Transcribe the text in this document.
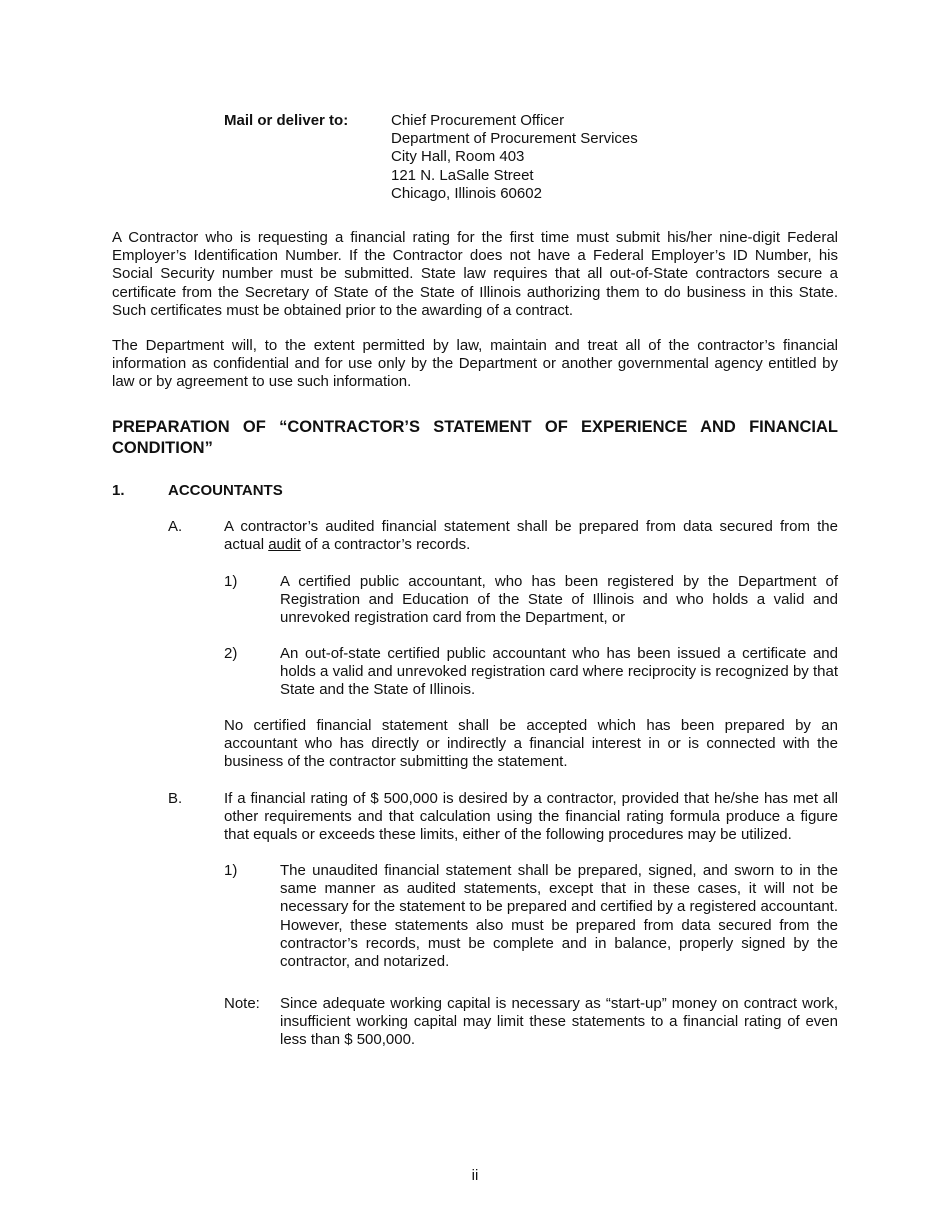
Mail or deliver to:	Chief Procurement Officer
Department of Procurement Services
City Hall, Room 403
121 N. LaSalle Street
Chicago, Illinois 60602

A Contractor who is requesting a financial rating for the first time must submit his/her nine-digit Federal Employer’s Identification Number. If the Contractor does not have a Federal Employer’s ID Number, his Social Security number must be submitted. State law requires that all out-of-State contractors secure a certificate from the Secretary of State of the State of Illinois authorizing them to do business in this State. Such certificates must be obtained prior to the awarding of a contract.

The Department will, to the extent permitted by law, maintain and treat all of the contractor’s financial information as confidential and for use only by the Department or another governmental agency entitled by law or by agreement to use such information.

PREPARATION OF “CONTRACTOR’S STATEMENT OF EXPERIENCE AND FINANCIAL CONDITION”
1.	ACCOUNTANTS
A.	A contractor’s audited financial statement shall be prepared from data secured from the actual audit of a contractor’s records.
1)	A certified public accountant, who has been registered by the Department of Registration and Education of the State of Illinois and who holds a valid and unrevoked registration card from the Department, or
2)	An out-of-state certified public accountant who has been issued a certificate and holds a valid and unrevoked registration card where reciprocity is recognized by that State and the State of Illinois.
No certified financial statement shall be accepted which has been prepared by an accountant who has directly or indirectly a financial interest in or is connected with the business of the contractor submitting the statement.
B.	If a financial rating of $ 500,000 is desired by a contractor, provided that he/she has met all other requirements and that calculation using the financial rating formula produce a figure that equals or exceeds these limits, either of the following procedures may be utilized.
1)	The unaudited financial statement shall be prepared, signed, and sworn to in the same manner as audited statements, except that in these cases, it will not be necessary for the statement to be prepared and certified by a registered accountant. However, these statements also must be prepared from data secured from the contractor’s records, must be complete and in balance, properly signed by the contractor, and notarized.
Note: Since adequate working capital is necessary as “start-up” money on contract work, insufficient working capital may limit these statements to a financial rating of even less than $ 500,000.
ii
